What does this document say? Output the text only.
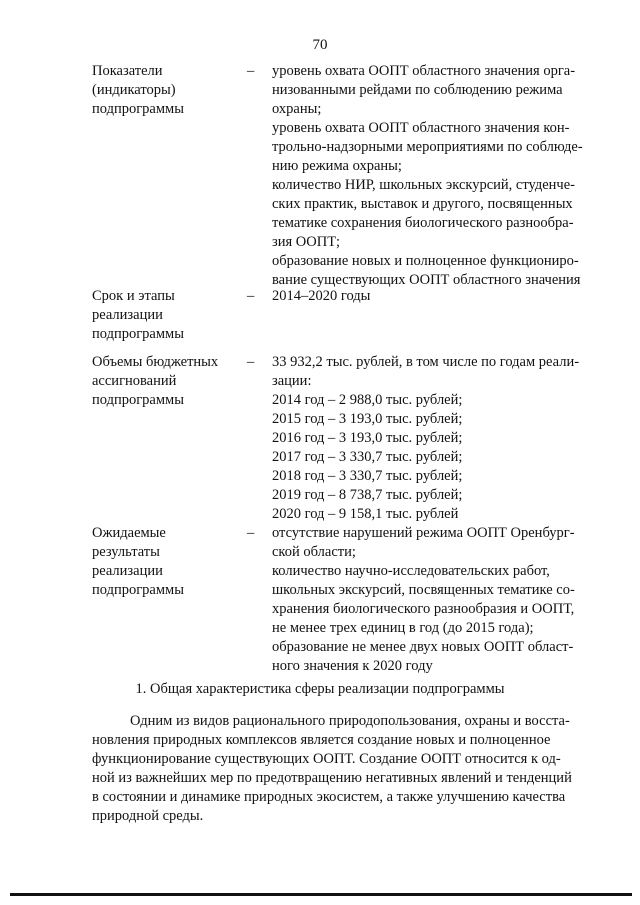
70
Показатели
(индикаторы)
подпрограммы
– уровень охвата ООПТ областного значения орга-
низованными рейдами по соблюдению режима
охраны;

уровень охвата ООПТ областного значения кон-
трольно-надзорными мероприятиями по соблюде-
нию режима охраны;

количество НИР, школьных экскурсий, студенче-
ских практик, выставок и другого, посвященных
тематике сохранения биологического разнообра-
зия ООПТ;

образование новых и полноценное функциониро-
вание существующих ООПТ областного значения

Срок и этапы
реализации
подпрограммы
– 2014–2020 годы

Объемы бюджетных
ассигнований
подпрограммы
– 33 932,2 тыс. рублей, в том числе по годам реали-
зации:

2014 год – 2 988,0 тыс. рублей;

2015 год – 3 193,0 тыс. рублей;

2016 год – 3 193,0 тыс. рублей;

2017 год – 3 330,7 тыс. рублей;

2018 год – 3 330,7 тыс. рублей;

2019 год – 8 738,7 тыс. рублей;

2020 год – 9 158,1 тыс. рублей

Ожидаемые
результаты
реализации
подпрограммы
– отсутствие нарушений режима ООПТ Оренбург-
ской области;

количество научно-исследовательских работ,
школьных экскурсий, посвященных тематике со-
хранения биологического разнообразия и ООПТ,
не менее трех единиц в год (до 2015 года);

образование не менее двух новых ООПТ област-
ного значения к 2020 году

1. Общая характеристика сферы реализации подпрограммы

Одним из видов рационального природопользования, охраны и восста-
новления природных комплексов является создание новых и полноценное
функционирование существующих ООПТ. Создание ООПТ относится к од-
ной из важнейших мер по предотвращению негативных явлений и тенденций
в состоянии и динамике природных экосистем, а также улучшению качества
природной среды.
